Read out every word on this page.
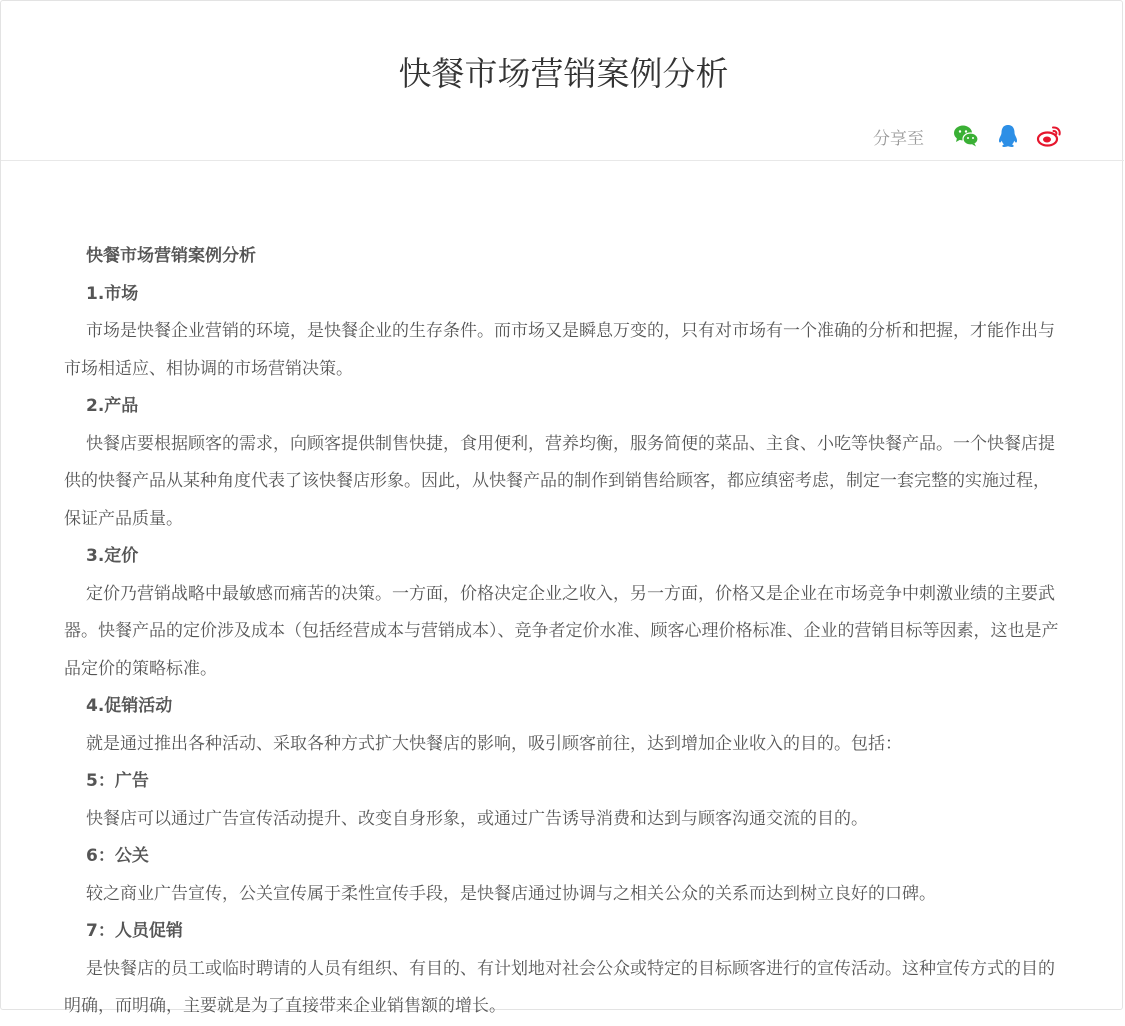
快餐市场营销案例分析
分享至

快餐市场营销案例分析

1.市场

市场是快餐企业营销的环境，是快餐企业的生存条件。而市场又是瞬息万变的，只有对市场有一个准确的分析和把握，才能作出与市场相适应、相协调的市场营销决策。

2.产品

快餐店要根据顾客的需求，向顾客提供制售快捷，食用便利，营养均衡，服务简便的菜品、主食、小吃等快餐产品。一个快餐店提供的快餐产品从某种角度代表了该快餐店形象。因此，从快餐产品的制作到销售给顾客，都应缜密考虑，制定一套完整的实施过程，保证产品质量。

3.定价

定价乃营销战略中最敏感而痛苦的决策。一方面，价格决定企业之收入，另一方面，价格又是企业在市场竞争中刺激业绩的主要武器。快餐产品的定价涉及成本（包括经营成本与营销成本）、竞争者定价水准、顾客心理价格标准、企业的营销目标等因素，这也是产品定价的策略标准。

4.促销活动

就是通过推出各种活动、采取各种方式扩大快餐店的影响，吸引顾客前往，达到增加企业收入的目的。包括：

5：广告

快餐店可以通过广告宣传活动提升、改变自身形象，或通过广告诱导消费和达到与顾客沟通交流的目的。

6：公关

较之商业广告宣传，公关宣传属于柔性宣传手段，是快餐店通过协调与之相关公众的关系而达到树立良好的口碑。

7：人员促销

是快餐店的员工或临时聘请的人员有组织、有目的、有计划地对社会公众或特定的目标顾客进行的宣传活动。这种宣传方式的目的明确，而明确，主要就是为了直接带来企业销售额的增长。
